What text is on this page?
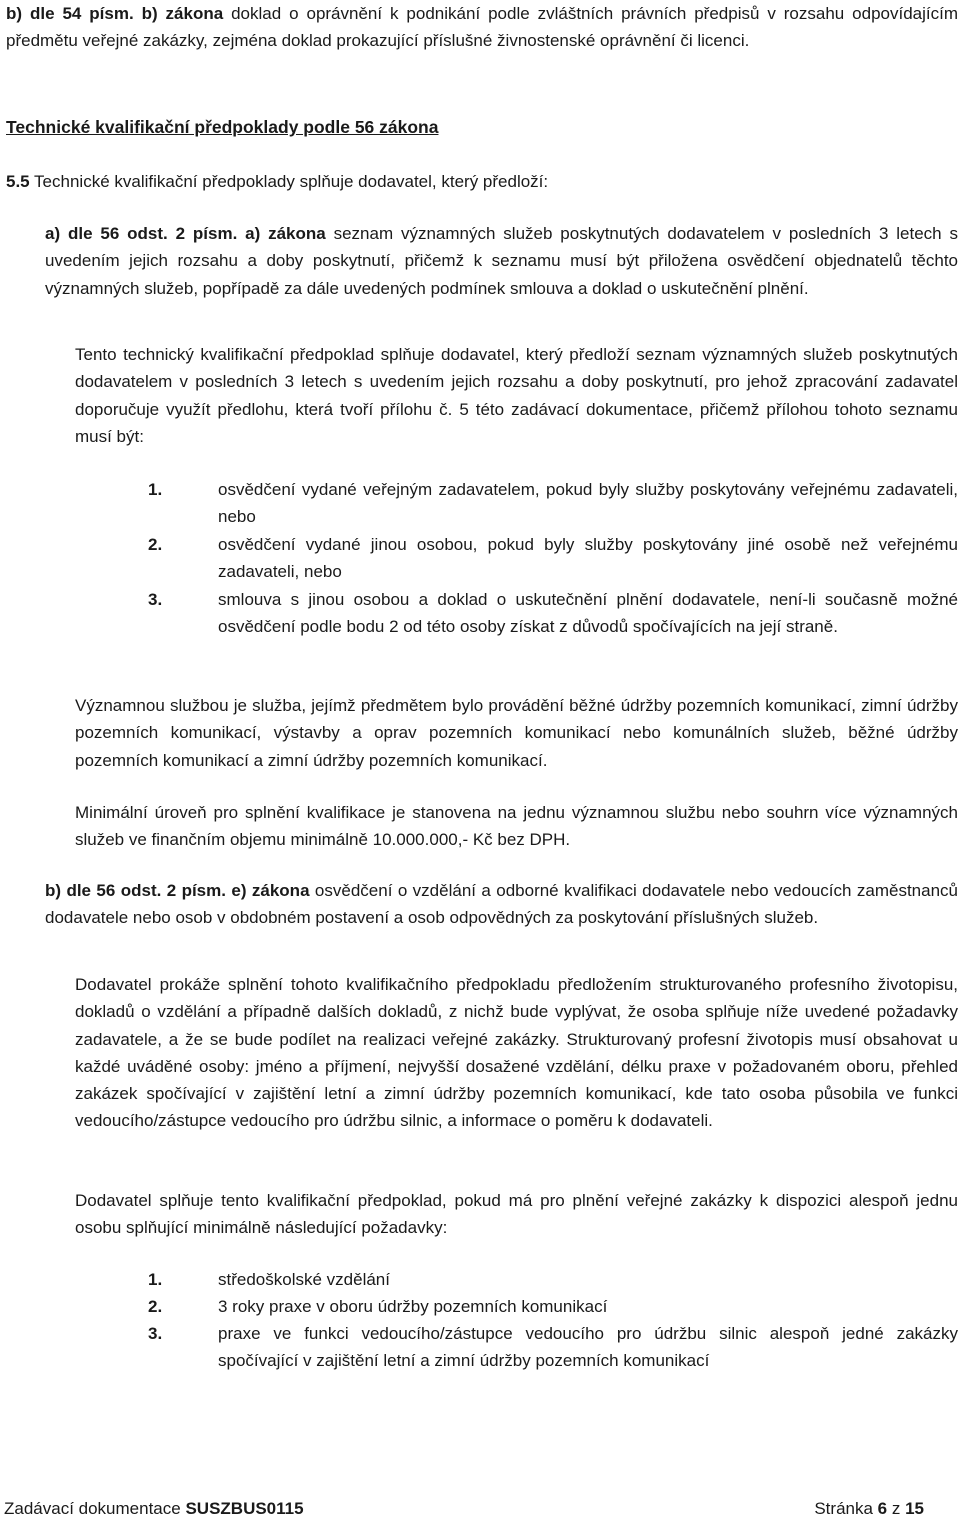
b) dle 54 písm. b) zákona doklad o oprávnění k podnikání podle zvláštních právních předpisů v rozsahu odpovídajícím předmětu veřejné zakázky, zejména doklad prokazující příslušné živnostenské oprávnění či licenci.
Technické kvalifikační předpoklady podle 56 zákona
5.5 Technické kvalifikační předpoklady splňuje dodavatel, který předloží:
a) dle 56 odst. 2 písm. a) zákona seznam významných služeb poskytnutých dodavatelem v posledních 3 letech s uvedením jejich rozsahu a doby poskytnutí, přičemž k seznamu musí být přiložena osvědčení objednatelů těchto významných služeb, popřípadě za dále uvedených podmínek smlouva a doklad o uskutečnění plnění.
Tento technický kvalifikační předpoklad splňuje dodavatel, který předloží seznam významných služeb poskytnutých dodavatelem v posledních 3 letech s uvedením jejich rozsahu a doby poskytnutí, pro jehož zpracování zadavatel doporučuje využít předlohu, která tvoří přílohu č. 5 této zadávací dokumentace, přičemž přílohou tohoto seznamu musí být:
1.	osvědčení vydané veřejným zadavatelem, pokud byly služby poskytovány veřejnému zadavateli, nebo
2.	osvědčení vydané jinou osobou, pokud byly služby poskytovány jiné osobě než veřejnému zadavateli, nebo
3.	smlouva s jinou osobou a doklad o uskutečnění plnění dodavatele, není-li současně možné osvědčení podle bodu 2 od této osoby získat z důvodů spočívajících na její straně.
Významnou službou je služba, jejímž předmětem bylo provádění běžné údržby pozemních komunikací, zimní údržby pozemních komunikací, výstavby a oprav pozemních komunikací nebo komunálních služeb, běžné údržby pozemních komunikací a zimní údržby pozemních komunikací.
Minimální úroveň pro splnění kvalifikace je stanovena na jednu významnou službu nebo souhrn více významných služeb ve finančním objemu minimálně 10.000.000,- Kč bez DPH.
b) dle 56 odst. 2 písm. e) zákona osvědčení o vzdělání a odborné kvalifikaci dodavatele nebo vedoucích zaměstnanců dodavatele nebo osob v obdobném postavení a osob odpovědných za poskytování příslušných služeb.
Dodavatel prokáže splnění tohoto kvalifikačního předpokladu předložením strukturovaného profesního životopisu, dokladů o vzdělání a případně dalších dokladů, z nichž bude vyplývat, že osoba splňuje níže uvedené požadavky zadavatele, a že se bude podílet na realizaci veřejné zakázky. Strukturovaný profesní životopis musí obsahovat u každé uváděné osoby: jméno a příjmení, nejvyšší dosažené vzdělání, délku praxe v požadovaném oboru, přehled zakázek spočívající v zajištění letní a zimní údržby pozemních komunikací, kde tato osoba působila ve funkci vedoucího/zástupce vedoucího pro údržbu silnic, a informace o poměru k dodavateli.
Dodavatel splňuje tento kvalifikační předpoklad, pokud má pro plnění veřejné zakázky k dispozici alespoň jednu osobu splňující minimálně následující požadavky:
1.	středoškolské vzdělání
2.	3 roky praxe v oboru údržby pozemních komunikací
3.	praxe ve funkci vedoucího/zástupce vedoucího pro údržbu silnic alespoň jedné zakázky spočívající v zajištění letní a zimní údržby pozemních komunikací
Zadávací dokumentace SUSZBUS0115	Stránka 6 z 15
